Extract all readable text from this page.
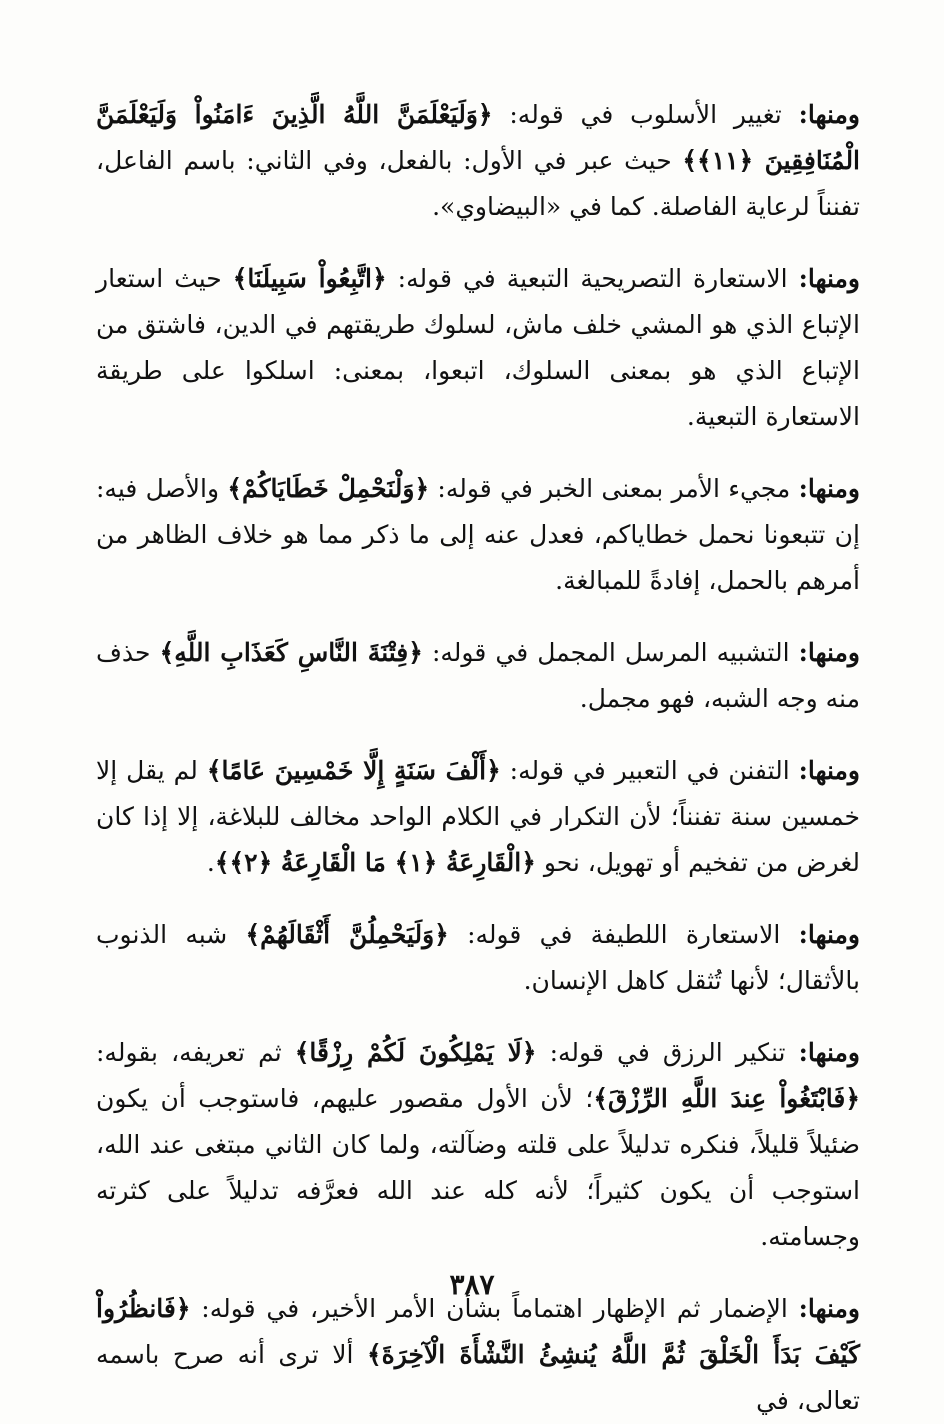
ومنها: تغيير الأسلوب في قوله: ﴿وَلَيَعْلَمَنَّ اللَّهُ الَّذِينَ ءَامَنُواْ وَلَيَعْلَمَنَّ الْمُنَافِقِينَ ﴿١١﴾﴾ حيث عبر في الأول: بالفعل، وفي الثاني: باسم الفاعل، تفنناً لرعاية الفاصلة. كما في «البيضاوي».

ومنها: الاستعارة التصريحية التبعية في قوله: ﴿اتَّبِعُواْ سَبِيلَنَا﴾ حيث استعار الإتباع الذي هو المشي خلف ماش، لسلوك طريقتهم في الدين، فاشتق من الإتباع الذي هو بمعنى السلوك، اتبعوا، بمعنى: اسلكوا على طريقة الاستعارة التبعية.

ومنها: مجيء الأمر بمعنى الخبر في قوله: ﴿وَلْنَحْمِلْ خَطَايَاكُمْ﴾ والأصل فيه: إن تتبعونا نحمل خطاياكم، فعدل عنه إلى ما ذكر مما هو خلاف الظاهر من أمرهم بالحمل، إفادةً للمبالغة.

ومنها: التشبيه المرسل المجمل في قوله: ﴿فِتْنَةَ النَّاسِ كَعَذَابِ اللَّهِ﴾ حذف منه وجه الشبه، فهو مجمل.

ومنها: التفنن في التعبير في قوله: ﴿أَلْفَ سَنَةٍ إِلَّا خَمْسِينَ عَامًا﴾ لم يقل إلا خمسين سنة تفنناً؛ لأن التكرار في الكلام الواحد مخالف للبلاغة، إلا إذا كان لغرض من تفخيم أو تهويل، نحو ﴿الْقَارِعَةُ ﴿١﴾ مَا الْقَارِعَةُ ﴿٢﴾﴾.

ومنها: الاستعارة اللطيفة في قوله: ﴿وَلَيَحْمِلُنَّ أَثْقَالَهُمْ﴾ شبه الذنوب بالأثقال؛ لأنها تُثقل كاهل الإنسان.

ومنها: تنكير الرزق في قوله: ﴿لَا يَمْلِكُونَ لَكُمْ رِزْقًا﴾ ثم تعريفه، بقوله: ﴿فَابْتَغُواْ عِندَ اللَّهِ الرِّزْقَ﴾؛ لأن الأول مقصور عليهم، فاستوجب أن يكون ضئيلاً قليلاً، فنكره تدليلاً على قلته وضآلته، ولما كان الثاني مبتغى عند الله، استوجب أن يكون كثيراً؛ لأنه كله عند الله فعرَّفه تدليلاً على كثرته وجسامته.

ومنها: الإضمار ثم الإظهار اهتماماً بشأن الأمر الأخير، في قوله: ﴿فَانظُرُواْ كَيْفَ بَدَأَ الْخَلْقَ ثُمَّ اللَّهُ يُنشِئُ النَّشْأَةَ الْآخِرَةَ﴾ ألا ترى أنه صرح باسمه تعالى، في

٣٨٧
